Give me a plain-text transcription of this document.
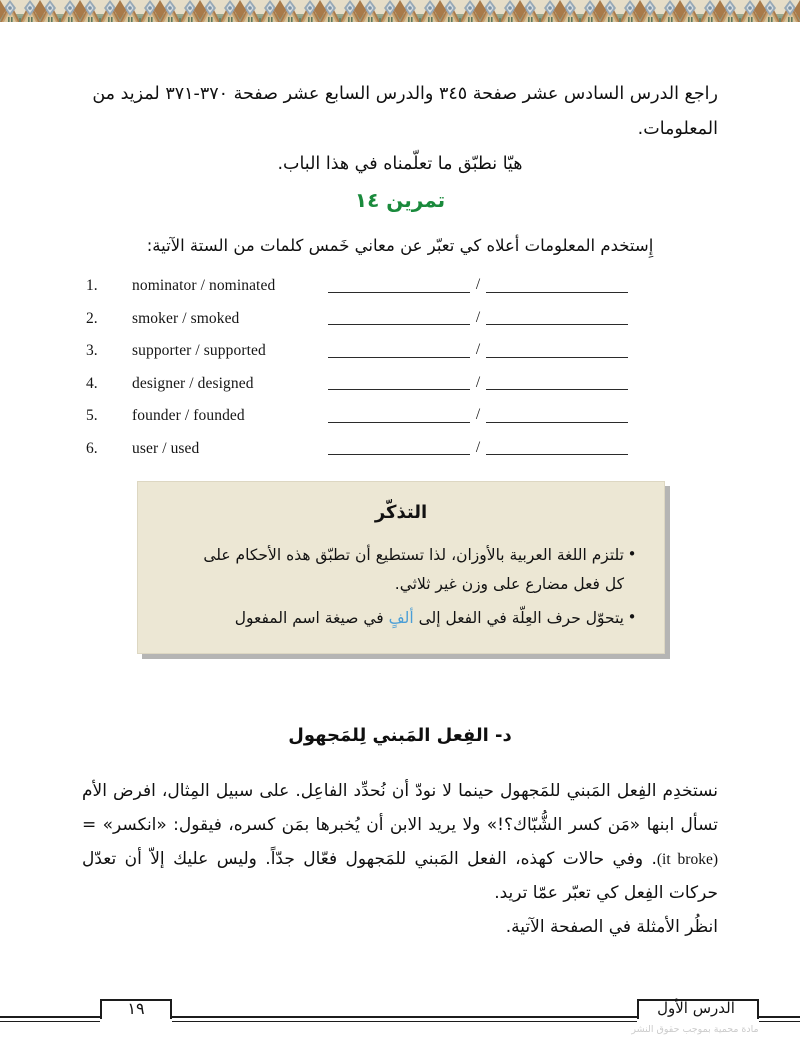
راجع الدرس السادس عشر صفحة ٣٤٥ والدرس السابع عشر صفحة ٣٧٠-٣٧١ لمزيد من المعلومات.
هيّا نطبّق ما تعلّمناه في هذا الباب.
تمرين ١٤
إِستخدم المعلومات أعلاه كي تعبّر عن معاني خَمس كلمات من الستة الآتية:
1.	nominator / nominated	/
2.	smoker / smoked	/
3.	supporter / supported	/
4.	designer / designed	/
5.	founder / founded	/
6.	user / used	/
التذكّر
•
تلتزم اللغة العربية بالأوزان، لذا تستطيع أن تطبّق هذه الأحكام على
كل فعل مضارع على وزن غير ثلاثي.
•
يتحوّل حرف العِلّة في الفعل إلى ألفٍ في صيغة اسم المفعول
د- الفِعل المَبني لِلمَجهول
نستخدِم الفِعل المَبني للمَجهول حينما لا نودّ أن نُحدِّد الفاعِل. على سبيل المِثال، افرض الأم تسأل ابنها «مَن كسر الشُّبّاك؟!» ولا يريد الابن أن يُخبرها بمَن كسره، فيقول: «انكسر» = (it broke). وفي حالات كهذه، الفعل المَبني للمَجهول فعّال جدّاً. وليس عليك إلاّ أن تعدّل حركات الفِعل كي تعبّر عمّا تريد.
انظُر الأمثلة في الصفحة الآتية.
١٩	الدرس الأول
مادة محمية بموجب حقوق النشر
